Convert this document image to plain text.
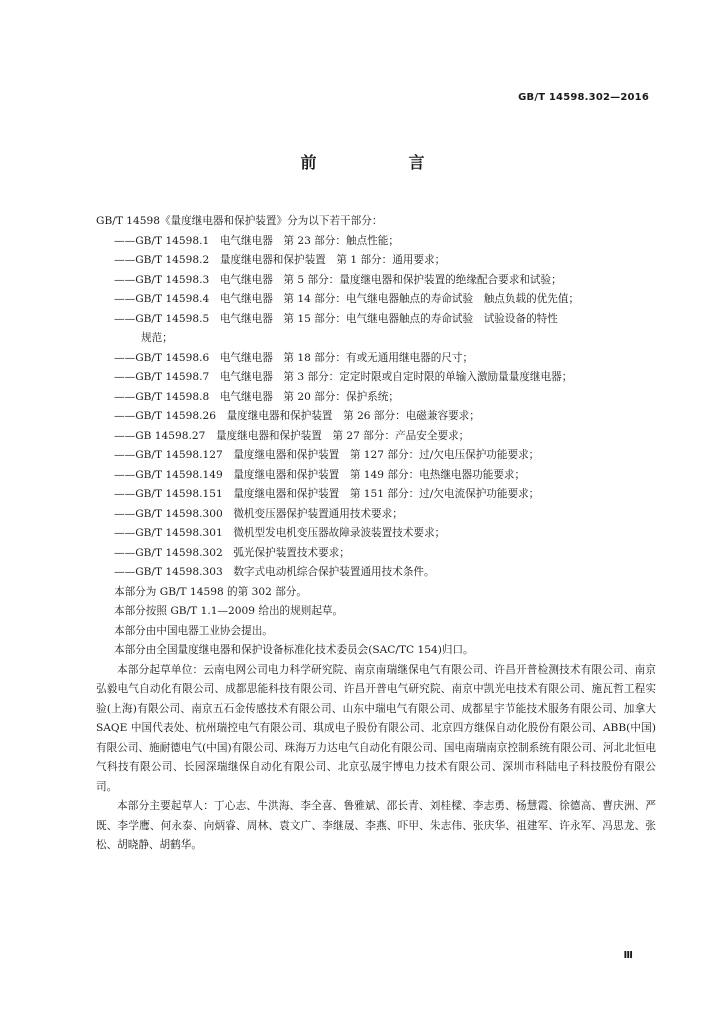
GB/T 14598.302—2016
前　言
GB/T 14598《量度继电器和保护装置》分为以下若干部分：
——GB/T 14598.1　电气继电器　第 23 部分：触点性能；
——GB/T 14598.2　量度继电器和保护装置　第 1 部分：通用要求；
——GB/T 14598.3　电气继电器　第 5 部分：量度继电器和保护装置的绝缘配合要求和试验；
——GB/T 14598.4　电气继电器　第 14 部分：电气继电器触点的寿命试验　触点负载的优先值；
——GB/T 14598.5　电气继电器　第 15 部分：电气继电器触点的寿命试验　试验设备的特性
规范；
——GB/T 14598.6　电气继电器　第 18 部分：有或无通用继电器的尺寸；
——GB/T 14598.7　电气继电器　第 3 部分：定定时限或自定时限的单输入激励量量度继电器；
——GB/T 14598.8　电气继电器　第 20 部分：保护系统；
——GB/T 14598.26　量度继电器和保护装置　第 26 部分：电磁兼容要求；
——GB 14598.27　量度继电器和保护装置　第 27 部分：产品安全要求；
——GB/T 14598.127　量度继电器和保护装置　第 127 部分：过/欠电压保护功能要求；
——GB/T 14598.149　量度继电器和保护装置　第 149 部分：电热继电器功能要求；
——GB/T 14598.151　量度继电器和保护装置　第 151 部分：过/欠电流保护功能要求；
——GB/T 14598.300　微机变压器保护装置通用技术要求；
——GB/T 14598.301　微机型发电机变压器故障录波装置技术要求；
——GB/T 14598.302　弧光保护装置技术要求；
——GB/T 14598.303　数字式电动机综合保护装置通用技术条件。
本部分为 GB/T 14598 的第 302 部分。
本部分按照 GB/T 1.1—2009 给出的规则起草。
本部分由中国电器工业协会提出。
本部分由全国量度继电器和保护设备标准化技术委员会(SAC/TC 154)归口。
本部分起草单位：云南电网公司电力科学研究院、南京南瑞继保电气有限公司、许昌开普检测技术有限公司、南京弘毅电气自动化有限公司、成都思能科技有限公司、许昌开普电气研究院、南京中凯光电技术有限公司、施瓦哲工程实验(上海)有限公司、南京五石金传感技术有限公司、山东中瑞电气有限公司、成都星宇节能技术服务有限公司、加拿大 SAQE 中国代表处、杭州瑞控电气有限公司、琪成电子股份有限公司、北京四方继保自动化股份有限公司、ABB(中国)有限公司、施耐德电气(中国)有限公司、珠海万力达电气自动化有限公司、国电南瑞南京控制系统有限公司、河北北恒电气科技有限公司、长园深瑞继保自动化有限公司、北京弘晟宇博电力技术有限公司、深圳市科陆电子科技股份有限公司。
本部分主要起草人：丁心志、牛洪海、李全喜、鲁雅斌、邵长青、刘桂樑、李志勇、杨慧霞、徐德高、曹庆洲、严既、李学鹰、何永泰、向炳睿、周林、袁文广、李继晟、李燕、吓甲、朱志伟、张庆华、祖建军、许永军、冯思龙、张松、胡晓静、胡鹤华。
Ⅲ
